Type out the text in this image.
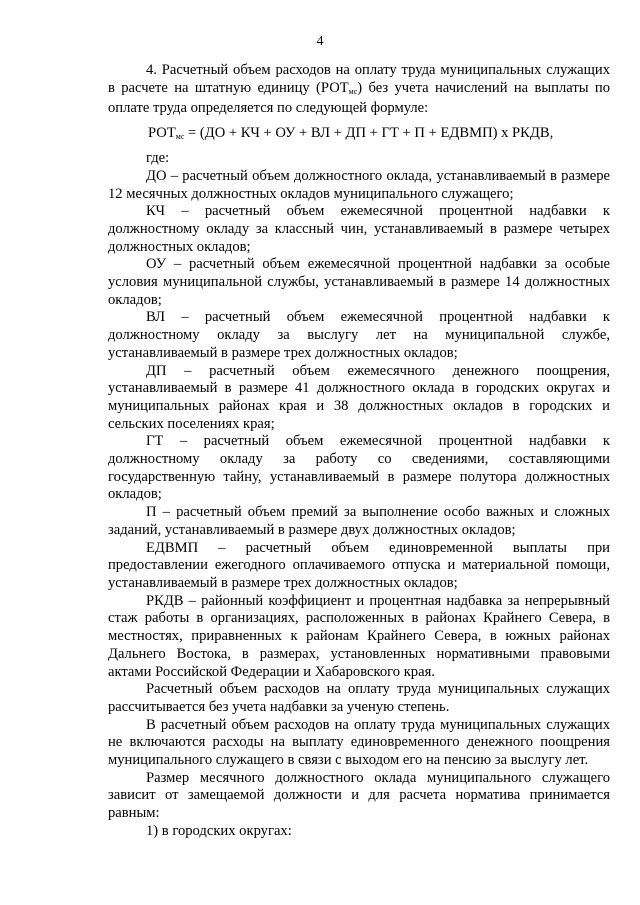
4

4. Расчетный объем расходов на оплату труда муниципальных служащих в расчете на штатную единицу $(РОТ_{мс})$ без учета начислений на выплаты по оплате труда определяется по следующей формуле:

$РОТ_{мс} = (ДО$ + КЧ + ОУ + ВЛ + ДП + ГТ + П + ЕДВМП) х РКДВ,

где:

ДО – расчетный объем должностного оклада, устанавливаемый в размере 12 месячных должностных окладов муниципального служащего;

КЧ – расчетный объем ежемесячной процентной надбавки к должностному окладу за классный чин, устанавливаемый в размере четырех должностных окладов;

ОУ – расчетный объем ежемесячной процентной надбавки за особые условия муниципальной службы, устанавливаемый в размере 14 должностных окладов;

ВЛ – расчетный объем ежемесячной процентной надбавки к должностному окладу за выслугу лет на муниципальной службе, устанавливаемый в размере трех должностных окладов;

ДП – расчетный объем ежемесячного денежного поощрения, устанавливаемый в размере 41 должностного оклада в городских округах и муниципальных районах края и 38 должностных окладов в городских и сельских поселениях края;

ГТ – расчетный объем ежемесячной процентной надбавки к должностному окладу за работу со сведениями, составляющими государственную тайну, устанавливаемый в размере полутора должностных окладов;

П – расчетный объем премий за выполнение особо важных и сложных заданий, устанавливаемый в размере двух должностных окладов;

ЕДВМП – расчетный объем единовременной выплаты при предоставлении ежегодного оплачиваемого отпуска и материальной помощи, устанавливаемый в размере трех должностных окладов;

РКДВ – районный коэффициент и процентная надбавка за непрерывный стаж работы в организациях, расположенных в районах Крайнего Севера, в местностях, приравненных к районам Крайнего Севера, в южных районах Дальнего Востока, в размерах, установленных нормативными правовыми актами Российской Федерации и Хабаровского края.

Расчетный объем расходов на оплату труда муниципальных служащих рассчитывается без учета надбавки за ученую степень.

В расчетный объем расходов на оплату труда муниципальных служащих не включаются расходы на выплату единовременного денежного поощрения муниципального служащего в связи с выходом его на пенсию за выслугу лет.

Размер месячного должностного оклада муниципального служащего зависит от замещаемой должности и для расчета норматива принимается равным:

1) в городских округах:
